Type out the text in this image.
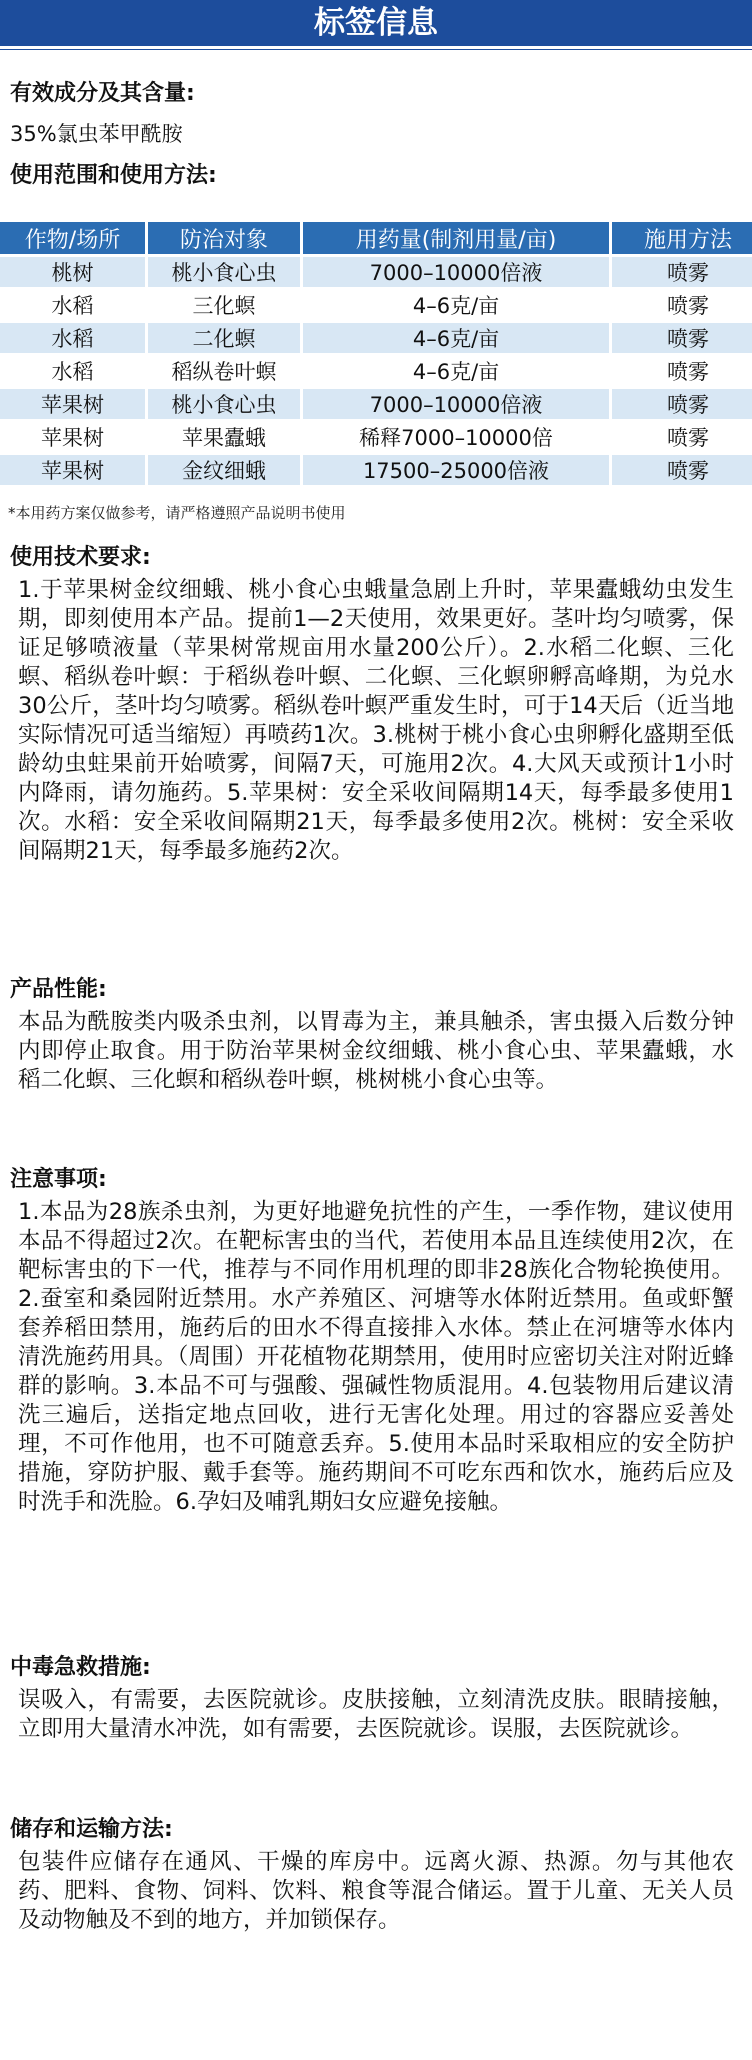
标签信息
有效成分及其含量:
35%氯虫苯甲酰胺
使用范围和使用方法:
作物/场所	防治对象	用药量(制剂用量/亩)	施用方法
桃树	桃小食心虫	7000–10000倍液	喷雾
水稻	三化螟	4–6克/亩	喷雾
水稻	二化螟	4–6克/亩	喷雾
水稻	稻纵卷叶螟	4–6克/亩	喷雾
苹果树	桃小食心虫	7000–10000倍液	喷雾
苹果树	苹果蠹蛾	稀释7000–10000倍	喷雾
苹果树	金纹细蛾	17500–25000倍液	喷雾
*本用药方案仅做参考，请严格遵照产品说明书使用
使用技术要求:

1.于苹果树金纹细蛾、桃小食心虫蛾量急剧上升时，苹果蠹蛾幼虫发生期，即刻使用本产品。提前1—2天使用，效果更好。茎叶均匀喷雾，保证足够喷液量（苹果树常规亩用水量200公斤）。2.水稻二化螟、三化螟、稻纵卷叶螟：于稻纵卷叶螟、二化螟、三化螟卵孵高峰期，为兑水30公斤，茎叶均匀喷雾。稻纵卷叶螟严重发生时，可于14天后（近当地实际情况可适当缩短）再喷药1次。3.桃树于桃小食心虫卵孵化盛期至低龄幼虫蛀果前开始喷雾，间隔7天，可施用2次。4.大风天或预计1小时内降雨，请勿施药。5.苹果树：安全采收间隔期14天，每季最多使用1次。水稻：安全采收间隔期21天，每季最多使用2次。桃树：安全采收间隔期21天，每季最多施药2次。

产品性能:

本品为酰胺类内吸杀虫剂，以胃毒为主，兼具触杀，害虫摄入后数分钟内即停止取食。用于防治苹果树金纹细蛾、桃小食心虫、苹果蠹蛾，水稻二化螟、三化螟和稻纵卷叶螟，桃树桃小食心虫等。

注意事项:

1.本品为28族杀虫剂，为更好地避免抗性的产生，一季作物，建议使用本品不得超过2次。在靶标害虫的当代，若使用本品且连续使用2次，在靶标害虫的下一代，推荐与不同作用机理的即非28族化合物轮换使用。2.蚕室和桑园附近禁用。水产养殖区、河塘等水体附近禁用。鱼或虾蟹套养稻田禁用，施药后的田水不得直接排入水体。禁止在河塘等水体内清洗施药用具。（周围）开花植物花期禁用，使用时应密切关注对附近蜂群的影响。3.本品不可与强酸、强碱性物质混用。4.包装物用后建议清洗三遍后，送指定地点回收，进行无害化处理。用过的容器应妥善处理，不可作他用，也不可随意丢弃。5.使用本品时采取相应的安全防护措施，穿防护服、戴手套等。施药期间不可吃东西和饮水，施药后应及时洗手和洗脸。6.孕妇及哺乳期妇女应避免接触。

中毒急救措施:

误吸入，有需要，去医院就诊。皮肤接触，立刻清洗皮肤。眼睛接触，立即用大量清水冲洗，如有需要，去医院就诊。误服，去医院就诊。

储存和运输方法:

包装件应储存在通风、干燥的库房中。远离火源、热源。勿与其他农药、肥料、食物、饲料、饮料、粮食等混合储运。置于儿童、无关人员及动物触及不到的地方，并加锁保存。
